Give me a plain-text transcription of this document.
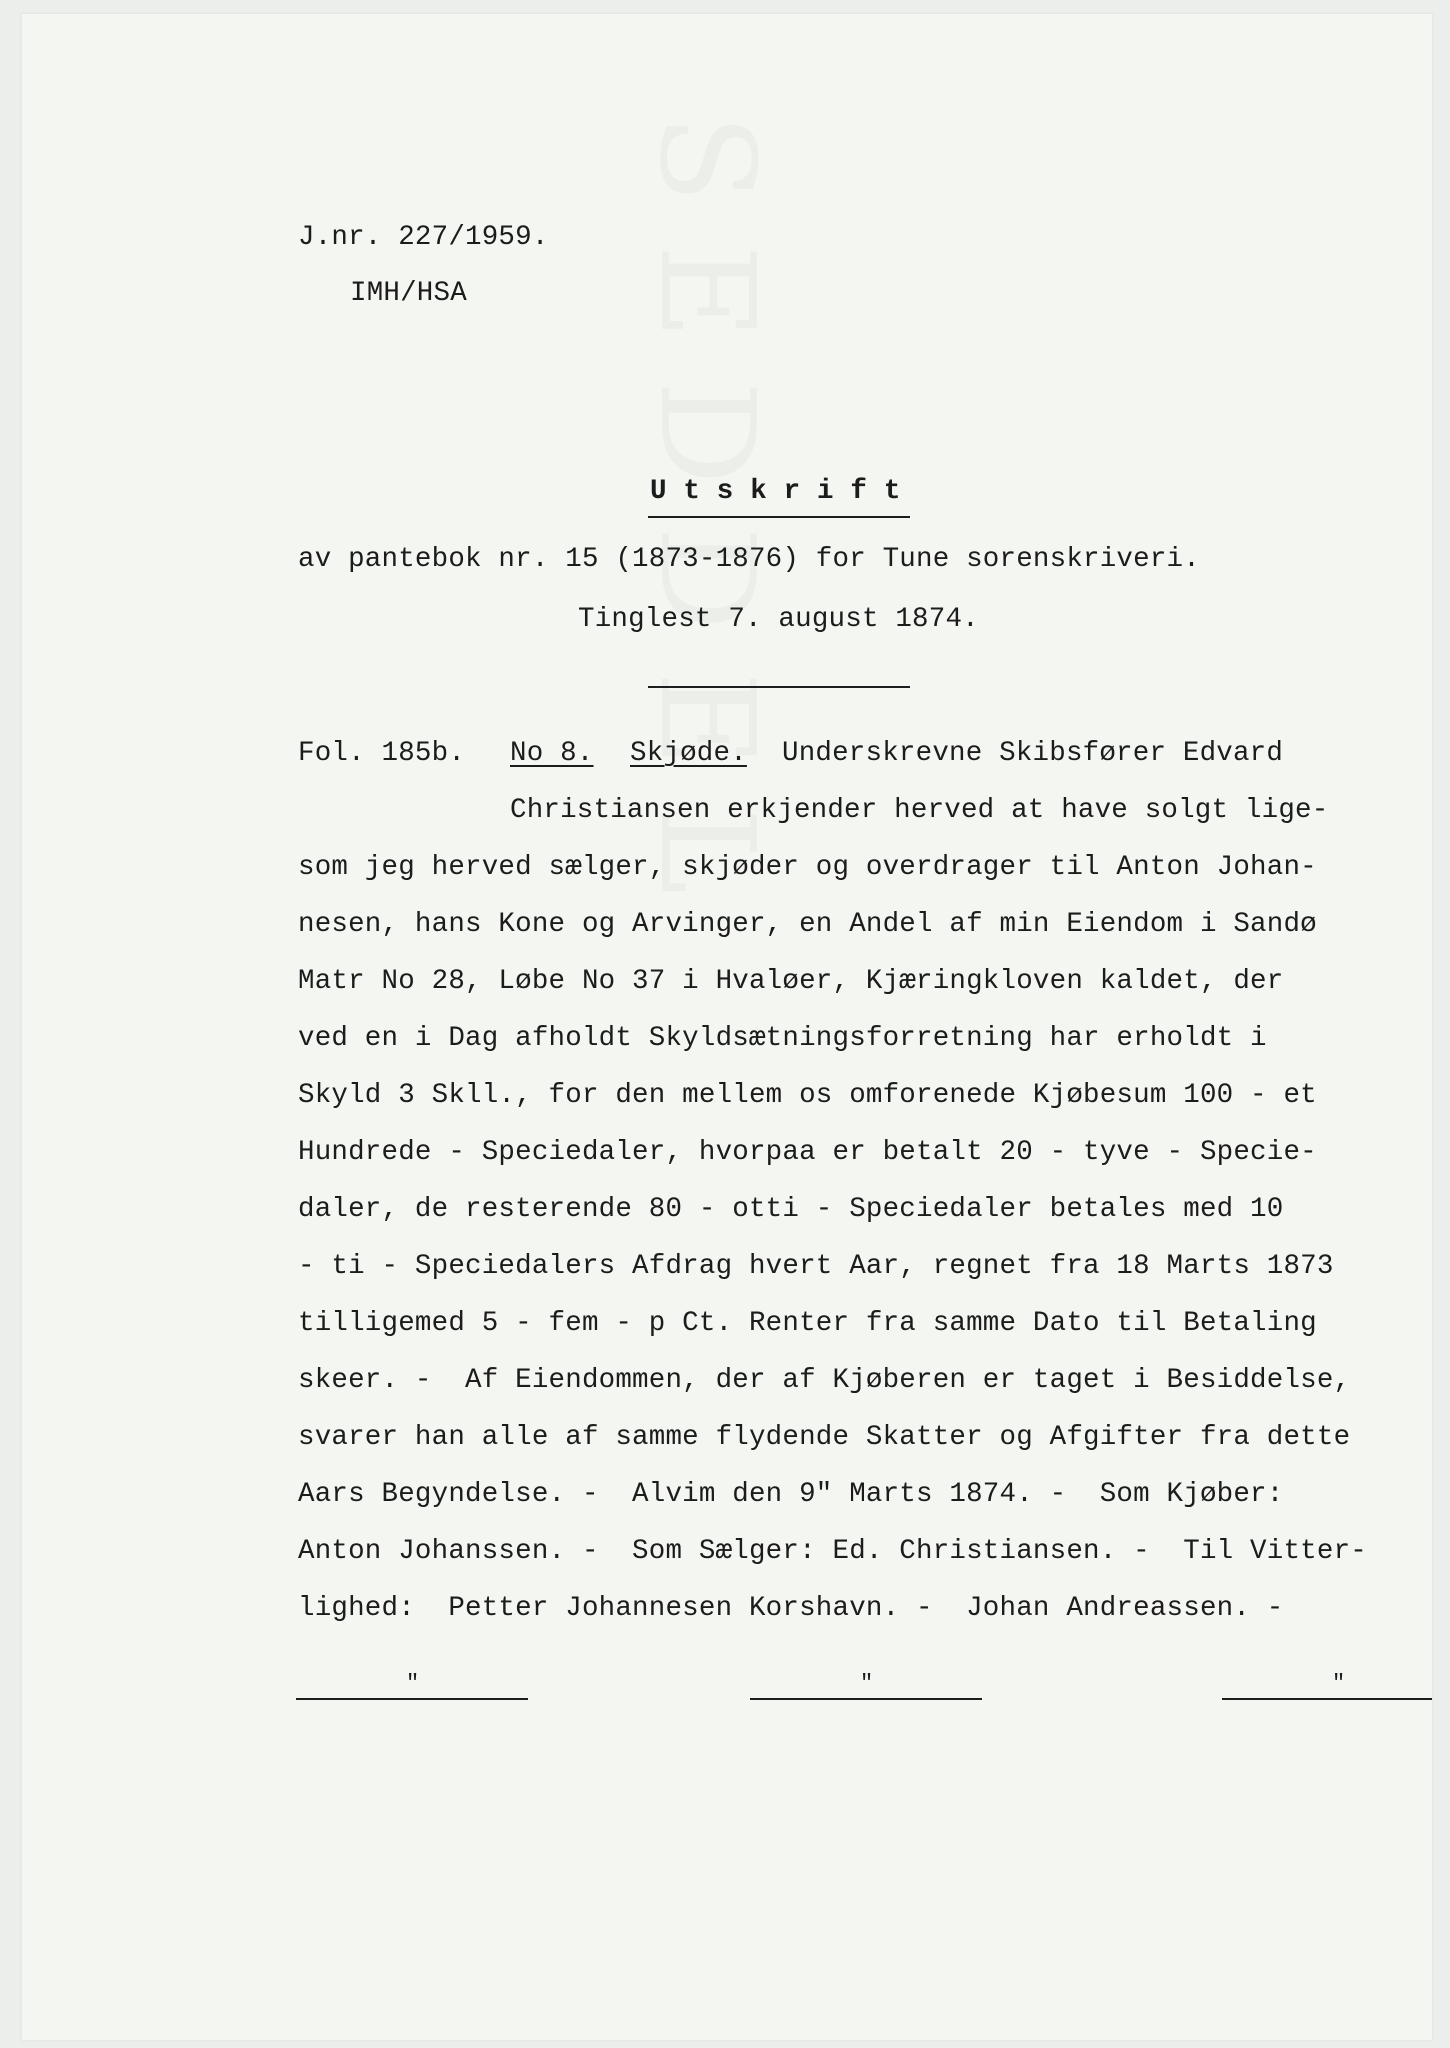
J.nr. 227/1959.
IMH/HSA
U t s k r i f t
av pantebok nr. 15 (1873-1876) for Tune sorenskriveri.
Tinglest 7. august 1874.
Fol. 185b. No 8. Skjøde. Underskrevne Skibsfører Edvard
Christiansen erkjender herved at have solgt lige-
som jeg herved sælger, skjøder og overdrager til Anton Johan-
nesen, hans Kone og Arvinger, en Andel af min Eiendom i Sandø
Matr No 28, Løbe No 37 i Hvaløer, Kjæringkloven kaldet, der
ved en i Dag afholdt Skyldsætningsforretning har erholdt i
Skyld 3 Skll., for den mellem os omforenede Kjøbesum 100 - et
Hundrede - Speciedaler, hvorpaa er betalt 20 - tyve - Specie-
daler, de resterende 80 - otti - Speciedaler betales med 10
- ti - Speciedalers Afdrag hvert Aar, regnet fra 18 Marts 1873
tilligemed 5 - fem - p Ct. Renter fra samme Dato til Betaling
skeer. -  Af Eiendommen, der af Kjøberen er taget i Besiddelse,
svarer han alle af samme flydende Skatter og Afgifter fra dette
Aars Begyndelse. -  Alvim den 9" Marts 1874. -  Som Kjøber:
Anton Johanssen. -  Som Sælger: Ed. Christiansen. -  Til Vitter-
lighed:  Petter Johannesen Korshavn. -  Johan Andreassen. -
"	"	"
